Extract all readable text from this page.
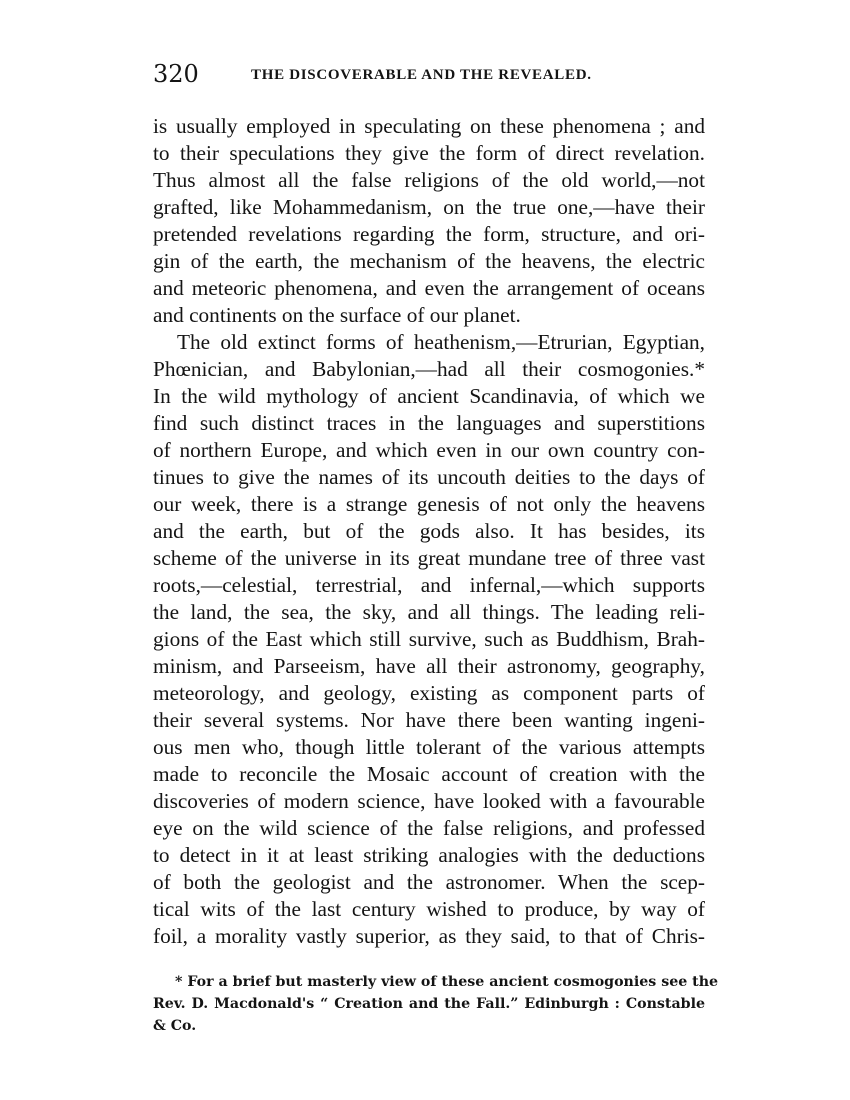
320	THE DISCOVERABLE AND THE REVEALED.
is usually employed in speculating on these phenomena ; and
to their speculations they give the form of direct revelation.
Thus almost all the false religions of the old world,—not
grafted, like Mohammedanism, on the true one,—have their
pretended revelations regarding the form, structure, and ori-
gin of the earth, the mechanism of the heavens, the electric
and meteoric phenomena, and even the arrangement of oceans
and continents on the surface of our planet.
The old extinct forms of heathenism,—Etrurian, Egyptian,
Phœnician, and Babylonian,—had all their cosmogonies.*
In the wild mythology of ancient Scandinavia, of which we
find such distinct traces in the languages and superstitions
of northern Europe, and which even in our own country con-
tinues to give the names of its uncouth deities to the days of
our week, there is a strange genesis of not only the heavens
and the earth, but of the gods also. It has besides, its
scheme of the universe in its great mundane tree of three vast
roots,—celestial, terrestrial, and infernal,—which supports
the land, the sea, the sky, and all things. The leading reli-
gions of the East which still survive, such as Buddhism, Brah-
minism, and Parseeism, have all their astronomy, geography,
meteorology, and geology, existing as component parts of
their several systems. Nor have there been wanting ingeni-
ous men who, though little tolerant of the various attempts
made to reconcile the Mosaic account of creation with the
discoveries of modern science, have looked with a favourable
eye on the wild science of the false religions, and professed
to detect in it at least striking analogies with the deductions
of both the geologist and the astronomer. When the scep-
tical wits of the last century wished to produce, by way of
foil, a morality vastly superior, as they said, to that of Chris-
* For a brief but masterly view of these ancient cosmogonies see the
Rev. D. Macdonald's “ Creation and the Fall.” Edinburgh : Constable
& Co.
